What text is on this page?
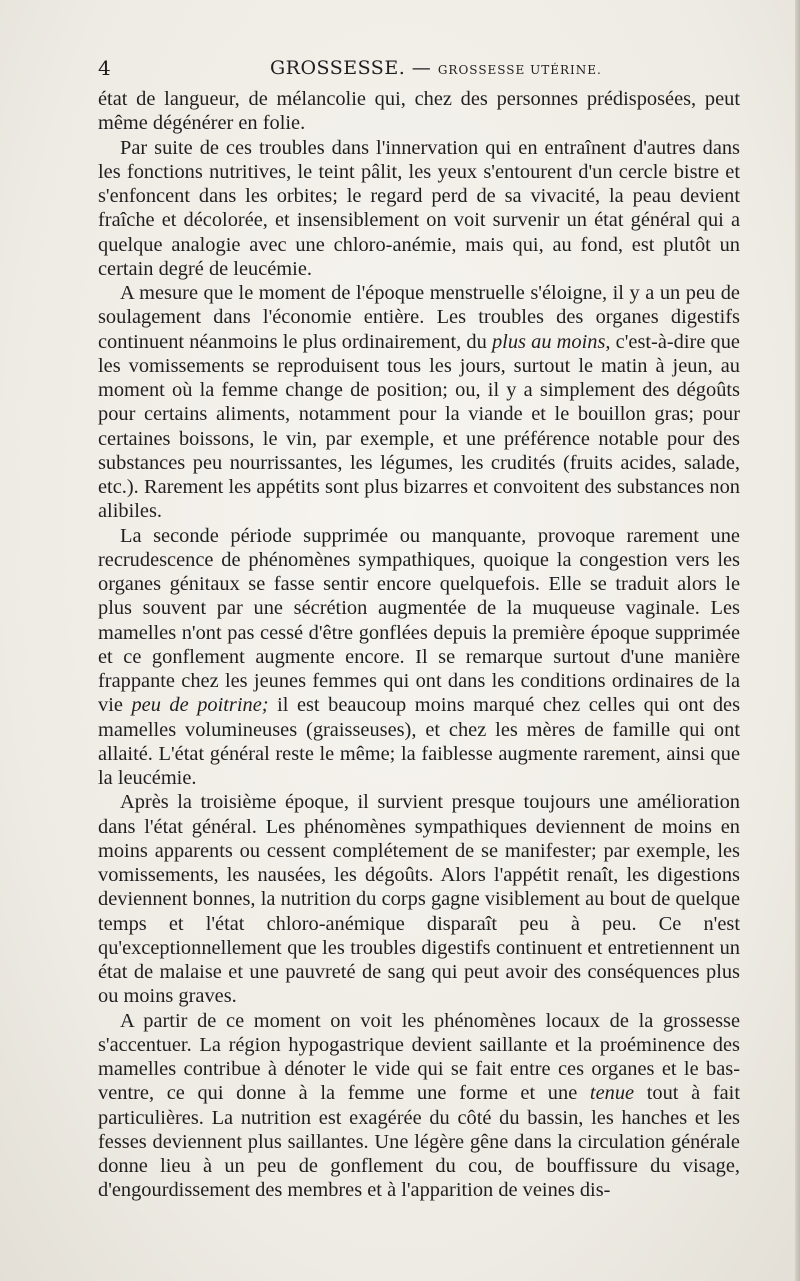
4	GROSSESSE. — GROSSESSE UTÉRINE.

état de langueur, de mélancolie qui, chez des personnes prédisposées, peut même dégénérer en folie.

Par suite de ces troubles dans l'innervation qui en entraînent d'autres dans les fonctions nutritives, le teint pâlit, les yeux s'entourent d'un cercle bistre et s'enfoncent dans les orbites; le regard perd de sa vivacité, la peau devient fraîche et décolorée, et insensiblement on voit survenir un état général qui a quelque analogie avec une chloro-anémie, mais qui, au fond, est plutôt un certain degré de leucémie.

A mesure que le moment de l'époque menstruelle s'éloigne, il y a un peu de soulagement dans l'économie entière. Les troubles des organes digestifs continuent néanmoins le plus ordinairement, du plus au moins, c'est-à-dire que les vomissements se reproduisent tous les jours, surtout le matin à jeun, au moment où la femme change de position; ou, il y a simplement des dégoûts pour certains aliments, notamment pour la viande et le bouillon gras; pour certaines boissons, le vin, par exemple, et une préférence notable pour des substances peu nourrissantes, les légumes, les crudités (fruits acides, salade, etc.). Rarement les appétits sont plus bizarres et convoitent des substances non alibiles.

La seconde période supprimée ou manquante, provoque rarement une recrudescence de phénomènes sympathiques, quoique la congestion vers les organes génitaux se fasse sentir encore quelquefois. Elle se traduit alors le plus souvent par une sécrétion augmentée de la muqueuse vaginale. Les mamelles n'ont pas cessé d'être gonflées depuis la première époque supprimée et ce gonflement augmente encore. Il se remarque surtout d'une manière frappante chez les jeunes femmes qui ont dans les conditions ordinaires de la vie peu de poitrine; il est beaucoup moins marqué chez celles qui ont des mamelles volumineuses (graisseuses), et chez les mères de famille qui ont allaité. L'état général reste le même; la faiblesse augmente rarement, ainsi que la leucémie.

Après la troisième époque, il survient presque toujours une amélioration dans l'état général. Les phénomènes sympathiques deviennent de moins en moins apparents ou cessent complétement de se manifester; par exemple, les vomissements, les nausées, les dégoûts. Alors l'appétit renaît, les digestions deviennent bonnes, la nutrition du corps gagne visiblement au bout de quelque temps et l'état chloro-anémique disparaît peu à peu. Ce n'est qu'exceptionnellement que les troubles digestifs continuent et entretiennent un état de malaise et une pauvreté de sang qui peut avoir des conséquences plus ou moins graves.

A partir de ce moment on voit les phénomènes locaux de la grossesse s'accentuer. La région hypogastrique devient saillante et la proéminence des mamelles contribue à dénoter le vide qui se fait entre ces organes et le bas-ventre, ce qui donne à la femme une forme et une tenue tout à fait particulières. La nutrition est exagérée du côté du bassin, les hanches et les fesses deviennent plus saillantes. Une légère gêne dans la circulation générale donne lieu à un peu de gonflement du cou, de bouffissure du visage, d'engourdissement des membres et à l'apparition de veines dis-
